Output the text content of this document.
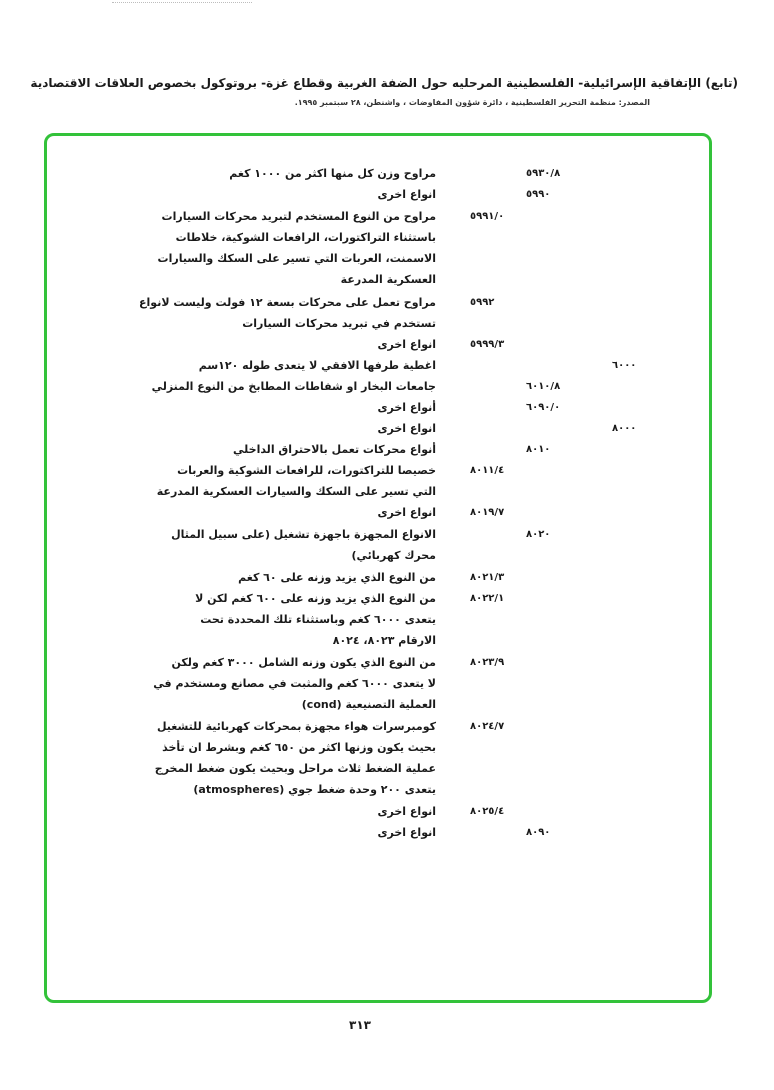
(تابع) الإتفاقية الإسرائيلية- الفلسطينية المرحليه حول الضفة الغربية وقطاع غزة- بروتوكول بخصوص العلاقات الاقتصادية
المصدر: منظمة التحرير الفلسطينية ، دائرة شؤون المفاوضات ، واشنطن، ٢٨ سبتمبر ١٩٩٥.
٥٩٣٠/٨
مراوح وزن كل منها اكثر من ١٠٠٠ كغم
٥٩٩٠
انواع اخرى
٥٩٩١/٠
مراوح من النوع المستخدم لتبريد محركات السيارات
باستثناء التراكتورات، الرافعات الشوكية، خلاطات
الاسمنت، العربات التي تسير على السكك والسيارات
العسكرية المدرعة
٥٩٩٢
مراوح تعمل على محركات بسعة ١٢ فولت وليست لانواع
تستخدم في تبريد محركات السيارات
٥٩٩٩/٣
انواع اخرى
٦٠٠٠
اغطية طرفها الافقي لا يتعدى طوله ١٢٠سم
٦٠١٠/٨
جامعات البخار او شفاطات المطابخ من النوع المنزلي
٦٠٩٠/٠
أنواع اخرى
٨٠٠٠
انواع اخرى
٨٠١٠
أنواع محركات تعمل بالاحتراق الداخلي
٨٠١١/٤
خصيصا للتراكتورات، للرافعات الشوكية والعربات
التي تسير على السكك والسيارات العسكرية المدرعة
٨٠١٩/٧
انواع اخرى
٨٠٢٠
الانواع المجهزة باجهزة تشغيل (على سبيل المثال
محرك كهربائي)
٨٠٢١/٣
من النوع الذي يزيد وزنه على ٦٠ كغم
٨٠٢٢/١
من النوع الذي يزيد وزنه على ٦٠٠ كغم لكن لا
يتعدى ٦٠٠٠ كغم وباستثناء تلك المحددة تحت
الارقام ٨٠٢٣، ٨٠٢٤
٨٠٢٣/٩
من النوع الذي يكون وزنه الشامل ٣٠٠٠ كغم ولكن
لا يتعدى ٦٠٠٠ كغم والمثبت في مصانع ومستخدم في
العملية التصنيعية (cond)
٨٠٢٤/٧
كومبرسرات هواء مجهزة بمحركات كهربائية للتشغيل
بحيث يكون وزنها اكثر من ٦٥٠ كغم وبشرط ان تأخذ
عملية الضغط ثلاث مراحل وبحيث يكون ضغط المخرج
يتعدى ٢٠٠ وحدة ضغط جوي (atmospheres)
٨٠٢٥/٤
انواع اخرى
٨٠٩٠
انواع اخرى
٣١٣
